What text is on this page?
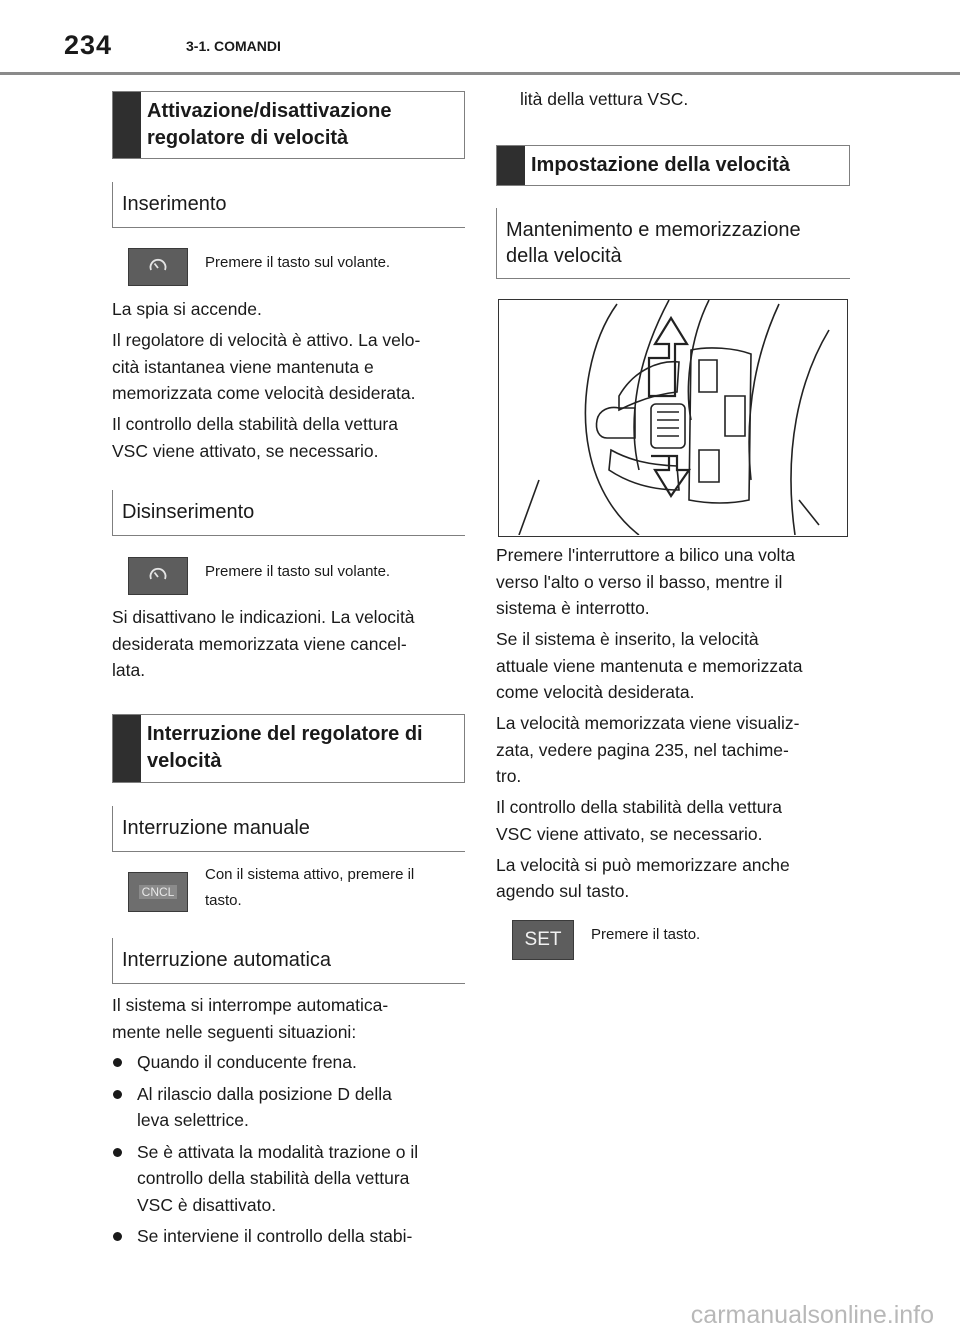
234	3-1. COMANDI
Attivazione/disattivazione
regolatore di velocità
Inserimento
Premere il tasto sul volante.

La spia si accende.

Il regolatore di velocità è attivo. La velo-
cità istantanea viene mantenuta e
memorizzata come velocità desiderata.

Il controllo della stabilità della vettura
VSC viene attivato, se necessario.

Disinserimento
Premere il tasto sul volante.

Si disattivano le indicazioni. La velocità
desiderata memorizzata viene cancel-
lata.

Interruzione del regolatore di
velocità
Interruzione manuale
CNCL
Con il sistema attivo, premere il
tasto.
Interruzione automatica

Il sistema si interrompe automatica-
mente nelle seguenti situazioni:

Quando il conducente frena.
Al rilascio dalla posizione D della
leva selettrice.
Se è attivata la modalità trazione o il
controllo della stabilità della vettura
VSC è disattivato.
Se interviene il controllo della stabi-

lità della vettura VSC.

Impostazione della velocità
Mantenimento e memorizzazione
della velocità

Premere l'interruttore a bilico una volta
verso l'alto o verso il basso, mentre il
sistema è interrotto.

Se il sistema è inserito, la velocità
attuale viene mantenuta e memorizzata
come velocità desiderata.

La velocità memorizzata viene visualiz-
zata, vedere pagina 235, nel tachime-
tro.

Il controllo della stabilità della vettura
VSC viene attivato, se necessario.

La velocità si può memorizzare anche
agendo sul tasto.

SET Premere il tasto.
carmanualsonline.info
